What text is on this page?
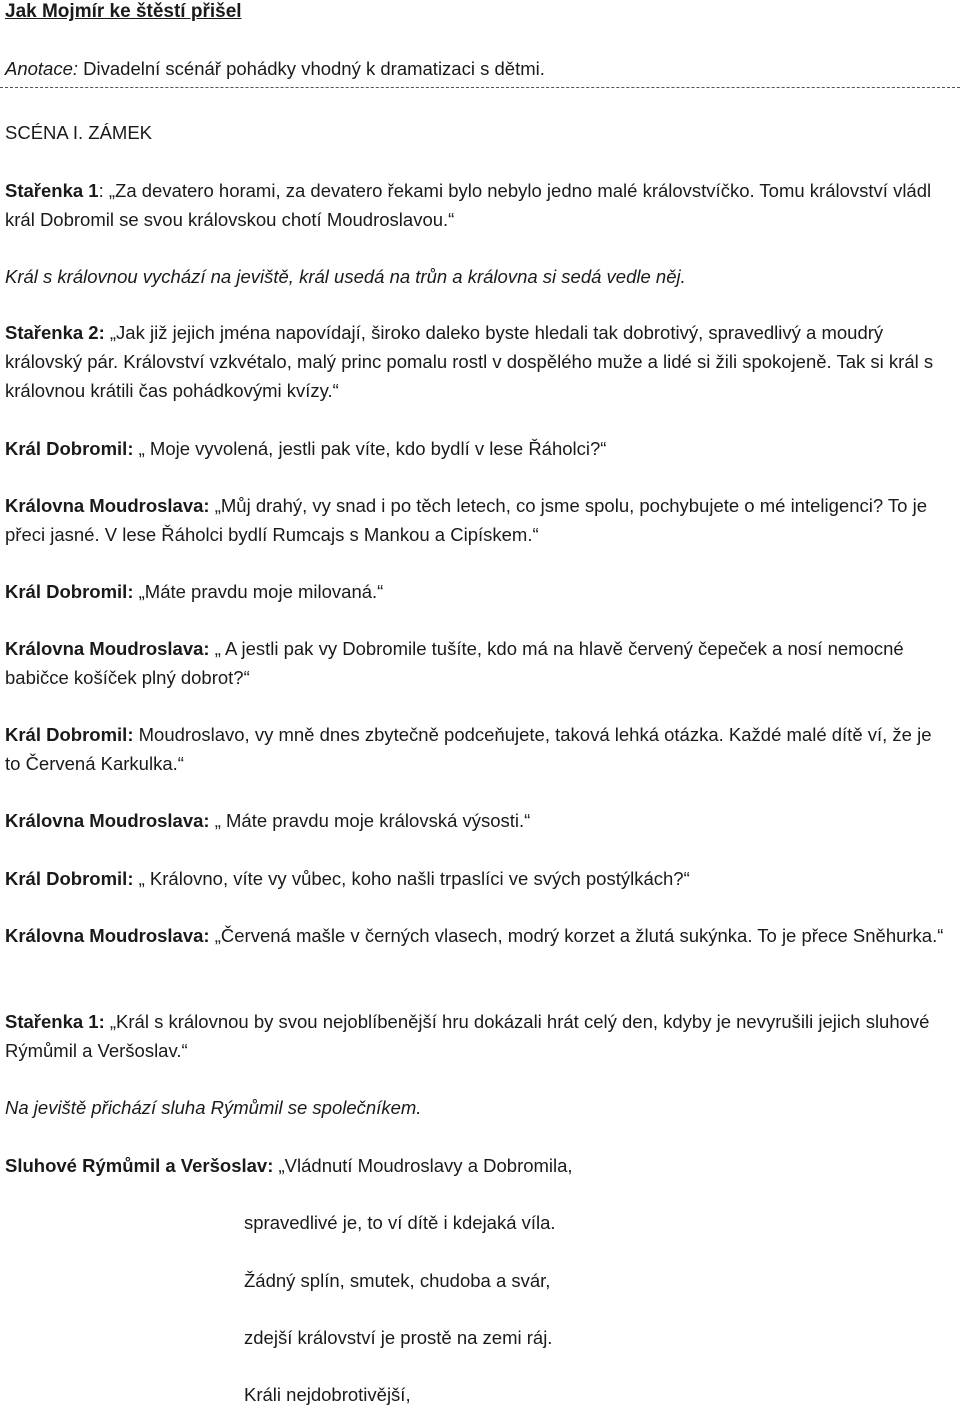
Jak Mojmír ke štěstí přišel
Anotace: Divadelní scénář pohádky vhodný k dramatizaci s dětmi.
SCÉNA I. ZÁMEK
Stařenka 1: „Za devatero horami, za devatero řekami bylo nebylo jedno malé královstvíčko. Tomu království vládl král Dobromil se svou královskou chotí Moudroslavou.“
Král s královnou vychází na jeviště, král usedá na trůn a královna si sedá vedle něj.
Stařenka 2: „Jak již jejich jména napovídají, široko daleko byste hledali tak dobrotivý, spravedlivý a moudrý královský pár. Království vzkvétalo, malý princ pomalu rostl v dospělého muže a lidé si žili spokojeně. Tak si král s královnou krátili čas pohádkovými kvízy.“
Král Dobromil: „ Moje vyvolená, jestli pak víte, kdo bydlí v lese Řáholci?“
Královna Moudroslava: „Můj drahý, vy snad i po těch letech, co jsme spolu, pochybujete o mé inteligenci? To je přeci jasné. V lese Řáholci bydlí Rumcajs s Mankou a Cipískem.“
Král Dobromil: „Máte pravdu moje milovaná.“
Královna Moudroslava: „ A jestli pak vy Dobromile tušíte, kdo má na hlavě červený čepeček a nosí nemocné babičce košíček plný dobrot?“
Král Dobromil: Moudroslavo, vy mně dnes zbytečně podceňujete, taková lehká otázka. Každé malé dítě ví, že je to Červená Karkulka.“
Královna Moudroslava: „ Máte pravdu moje královská výsosti.“
Král Dobromil: „ Královno, víte vy vůbec, koho našli trpaslíci ve svých postýlkách?“
Královna Moudroslava: „Červená mašle v černých vlasech, modrý korzet a žlutá sukýnka. To je přece Sněhurka.“
Stařenka 1: „Král s královnou by svou nejoblíbenější hru dokázali hrát celý den, kdyby je nevyrušili jejich sluhové Rýmůmil a Veršoslav.“
Na jeviště přichází sluha Rýmůmil se společníkem.
Sluhové Rýmůmil a Veršoslav: „Vládnutí Moudroslavy a Dobromila,
spravedlivé je, to ví dítě i kdejaká víla.
Žádný splín, smutek, chudoba a svár,
zdejší království je prostě na zemi ráj.
Králi nejdobrotivější,
